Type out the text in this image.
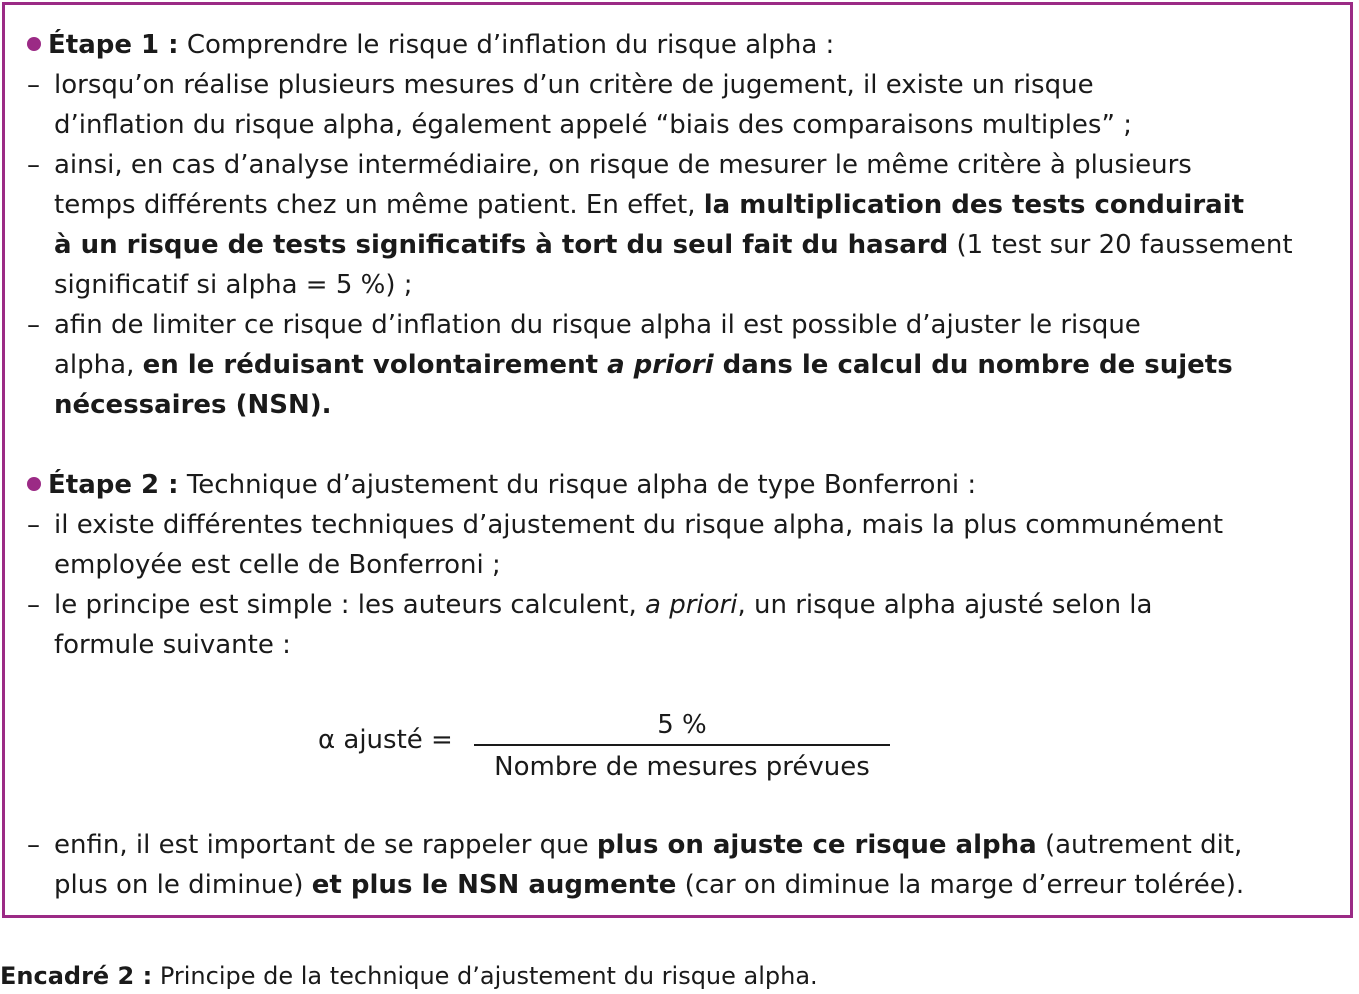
Étape 1 : Comprendre le risque d’inflation du risque alpha :
– lorsqu’on réalise plusieurs mesures d’un critère de jugement, il existe un risque
d’inflation du risque alpha, également appelé “biais des comparaisons multiples” ;
– ainsi, en cas d’analyse intermédiaire, on risque de mesurer le même critère à plusieurs
temps différents chez un même patient. En effet, la multiplication des tests conduirait
à un risque de tests significatifs à tort du seul fait du hasard (1 test sur 20 faussement
significatif si alpha = 5 %) ;
– afin de limiter ce risque d’inflation du risque alpha il est possible d’ajuster le risque
alpha, en le réduisant volontairement a priori dans le calcul du nombre de sujets
nécessaires (NSN).
Étape 2 : Technique d’ajustement du risque alpha de type Bonferroni :
– il existe différentes techniques d’ajustement du risque alpha, mais la plus communément
employée est celle de Bonferroni ;
– le principe est simple : les auteurs calculent, a priori, un risque alpha ajusté selon la
formule suivante :
α ajusté =	5 %
Nombre de mesures prévues
– enfin, il est important de se rappeler que plus on ajuste ce risque alpha (autrement dit,
plus on le diminue) et plus le NSN augmente (car on diminue la marge d’erreur tolérée).
Encadré 2 : Principe de la technique d’ajustement du risque alpha.
